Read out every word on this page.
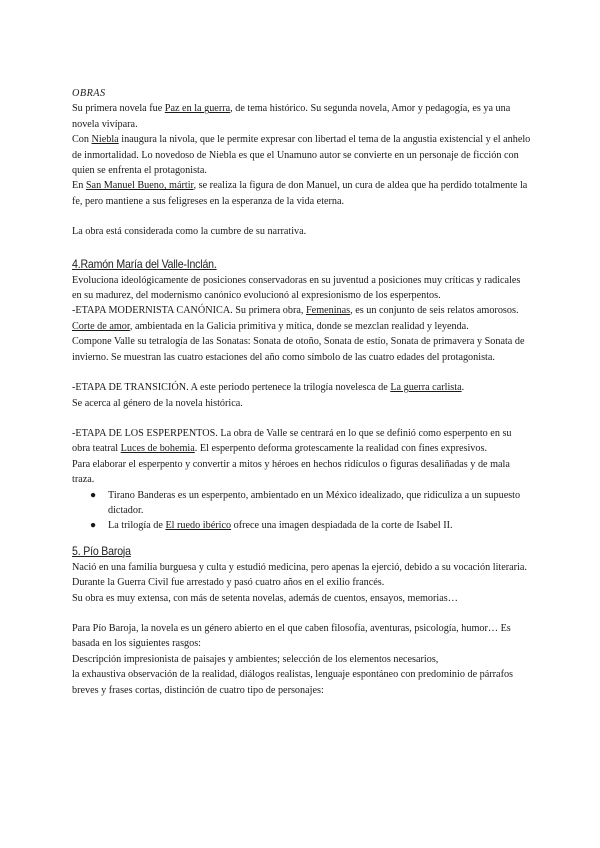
OBRAS

Su primera novela fue Paz en la guerra, de tema histórico. Su segunda novela, Amor y pedagogía, es ya una novela vivípara.

Con Niebla inaugura la nivola, que le permite expresar con libertad el tema de la angustia existencial y el anhelo de inmortalidad. Lo novedoso de Niebla es que el Unamuno autor se convierte en un personaje de ficción con quien se enfrenta el protagonista.

En San Manuel Bueno, mártir, se realiza la figura de don Manuel, un cura de aldea que ha perdido totalmente la fe, pero mantiene a sus feligreses en la esperanza de la vida eterna.

La obra está considerada como la cumbre de su narrativa.

4.Ramón María del Valle-Inclán.

Evoluciona ideológicamente de posiciones conservadoras en su juventud a posiciones muy críticas y radicales en su madurez, del modernismo canónico evolucionó al expresionismo de los esperpentos.

-ETAPA MODERNISTA CANÓNICA. Su primera obra, Femeninas, es un conjunto de seis relatos amorosos. Corte de amor, ambientada en la Galicia primitiva y mítica, donde se mezclan realidad y leyenda.

Compone Valle su tetralogía de las Sonatas: Sonata de otoño, Sonata de estío, Sonata de primavera y Sonata de invierno. Se muestran las cuatro estaciones del año como símbolo de las cuatro edades del protagonista.

-ETAPA DE TRANSICIÓN. A este periodo pertenece la trilogía novelesca de La guerra carlista.

Se acerca al género de la novela histórica.

-ETAPA DE LOS ESPERPENTOS. La obra de Valle se centrará en lo que se definió como esperpento en su obra teatral Luces de bohemia. El esperpento deforma grotescamente la realidad con fines expresivos.

Para elaborar el esperpento y convertir a mitos y héroes en hechos ridículos o figuras desaliñadas y de mala traza.

● Tirano Banderas es un esperpento, ambientado en un México idealizado, que ridiculiza a un supuesto dictador.
● La trilogía de El ruedo ibérico ofrece una imagen despiadada de la corte de Isabel II.
5. Pío Baroja

Nació en una familia burguesa y culta y estudió medicina, pero apenas la ejerció, debido a su vocación literaria.

Durante la Guerra Civil fue arrestado y pasó cuatro años en el exilio francés.

Su obra es muy extensa, con más de setenta novelas, además de cuentos, ensayos, memorias…

Para Pío Baroja, la novela es un género abierto en el que caben filosofía, aventuras, psicología, humor… Es basada en los siguientes rasgos:

Descripción impresionista de paisajes y ambientes; selección de los elementos necesarios,

la exhaustiva observación de la realidad, diálogos realistas, lenguaje espontáneo con predominio de párrafos breves y frases cortas, distinción de cuatro tipo de personajes:
